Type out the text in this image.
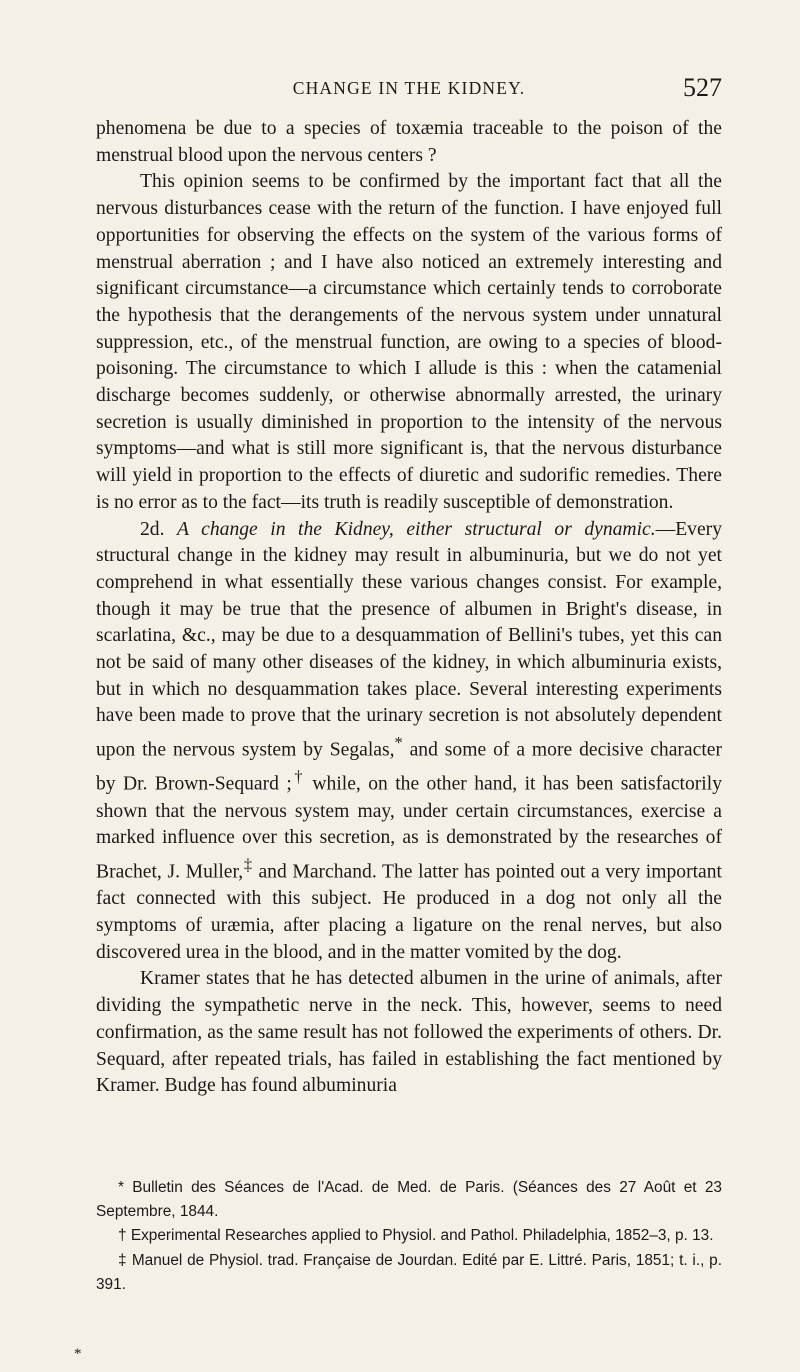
CHANGE IN THE KIDNEY.	527

phenomena be due to a species of toxæmia traceable to the poison of the menstrual blood upon the nervous centers ?

This opinion seems to be confirmed by the important fact that all the nervous disturbances cease with the return of the function. I have enjoyed full opportunities for observing the effects on the system of the various forms of menstrual aberration ; and I have also noticed an extremely interesting and significant circumstance—a circumstance which certainly tends to corroborate the hypothesis that the derangements of the nervous system under unnatural suppression, etc., of the menstrual function, are owing to a species of blood-poisoning. The circumstance to which I allude is this : when the catamenial discharge becomes suddenly, or otherwise abnormally arrested, the urinary secretion is usually diminished in proportion to the intensity of the nervous symptoms—and what is still more significant is, that the nervous disturbance will yield in proportion to the effects of diuretic and sudorific remedies. There is no error as to the fact—its truth is readily susceptible of demonstration.

2d. A change in the Kidney, either structural or dynamic.—Every structural change in the kidney may result in albuminuria, but we do not yet comprehend in what essentially these various changes consist. For example, though it may be true that the presence of albumen in Bright's disease, in scarlatina, &c., may be due to a desquammation of Bellini's tubes, yet this can not be said of many other diseases of the kidney, in which albuminuria exists, but in which no desquammation takes place. Several interesting experiments have been made to prove that the urinary secretion is not absolutely dependent upon the nervous system by Segalas,* and some of a more decisive character by Dr. Brown-Sequard ;† while, on the other hand, it has been satisfactorily shown that the nervous system may, under certain circumstances, exercise a marked influence over this secretion, as is demonstrated by the researches of Brachet, J. Muller,‡ and Marchand. The latter has pointed out a very important fact connected with this subject. He produced in a dog not only all the symptoms of uræmia, after placing a ligature on the renal nerves, but also discovered urea in the blood, and in the matter vomited by the dog.

Kramer states that he has detected albumen in the urine of animals, after dividing the sympathetic nerve in the neck. This, however, seems to need confirmation, as the same result has not followed the experiments of others. Dr. Sequard, after repeated trials, has failed in establishing the fact mentioned by Kramer. Budge has found albuminuria

* Bulletin des Séances de l'Acad. de Med. de Paris. (Séances des 27 Août et 23 Septembre, 1844.

† Experimental Researches applied to Physiol. and Pathol. Philadelphia, 1852–3, p. 13.

‡ Manuel de Physiol. trad. Française de Jourdan. Edité par E. Littré. Paris, 1851; t. i., p. 391.

*
